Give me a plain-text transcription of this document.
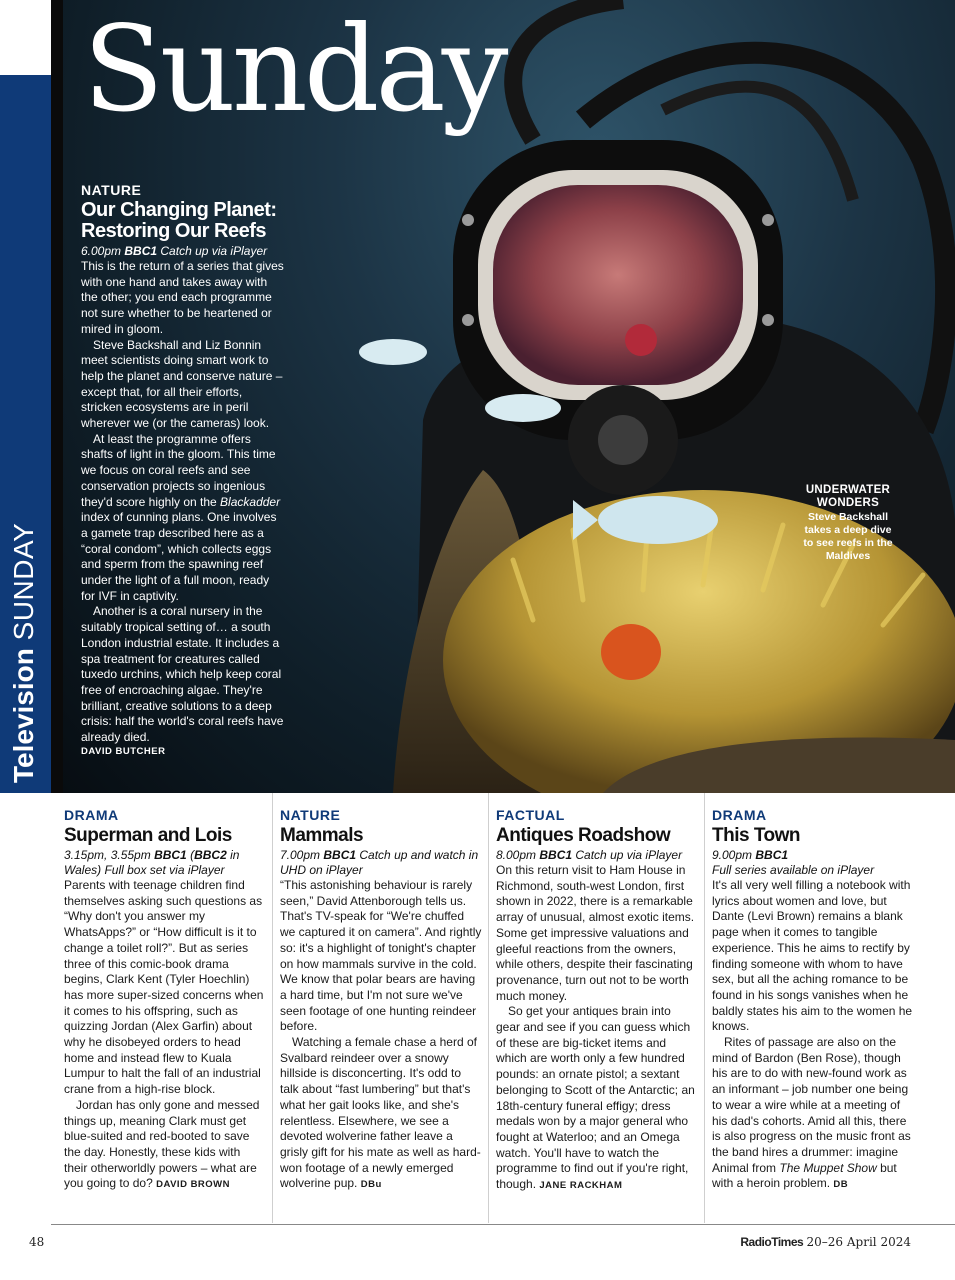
Television SUNDAY
Sunday
NATURE
Our Changing Planet:
Restoring Our Reefs
6.00pm BBC1 Catch up via iPlayer

This is the return of a series that gives with one hand and takes away with the other; you end each programme not sure whether to be heartened or mired in gloom.

Steve Backshall and Liz Bonnin meet scientists doing smart work to help the planet and conserve nature – except that, for all their efforts, stricken ecosystems are in peril wherever we (or the cameras) look.

At least the programme offers shafts of light in the gloom. This time we focus on coral reefs and see conservation projects so ingenious they'd score highly on the Blackadder index of cunning plans. One involves a gamete trap described here as a “coral condom”, which collects eggs and sperm from the spawning reef under the light of a full moon, ready for IVF in captivity.

Another is a coral nursery in the suitably tropical setting of… a south London industrial estate. It includes a spa treatment for creatures called tuxedo urchins, which help keep coral free of encroaching algae. They're brilliant, creative solutions to a deep crisis: half the world's coral reefs have already died.

DAVID BUTCHER
UNDERWATER WONDERS
Steve Backshall takes a deep dive to see reefs in the Maldives
DRAMA
Superman and Lois
3.15pm, 3.55pm BBC1 (BBC2 in Wales) Full box set via iPlayer

Parents with teenage children find themselves asking such questions as “Why don't you answer my WhatsApps?” or “How difficult is it to change a toilet roll?”. But as series three of this comic-book drama begins, Clark Kent (Tyler Hoechlin) has more super-sized concerns when it comes to his offspring, such as quizzing Jordan (Alex Garfin) about why he disobeyed orders to head home and instead flew to Kuala Lumpur to halt the fall of an industrial crane from a high-rise block.

Jordan has only gone and messed things up, meaning Clark must get blue-suited and red-booted to save the day. Honestly, these kids with their otherworldly powers – what are you going to do? DAVID BROWN

NATURE
Mammals
7.00pm BBC1 Catch up and watch in UHD on iPlayer

“This astonishing behaviour is rarely seen,” David Attenborough tells us. That's TV-speak for “We're chuffed we captured it on camera”. And rightly so: it's a highlight of tonight's chapter on how mammals survive in the cold. We know that polar bears are having a hard time, but I'm not sure we've seen footage of one hunting reindeer before.

Watching a female chase a herd of Svalbard reindeer over a snowy hillside is disconcerting. It's odd to talk about “fast lumbering” but that's what her gait looks like, and she's relentless. Elsewhere, we see a devoted wolverine father leave a grisly gift for his mate as well as hard-won footage of a newly emerged wolverine pup. DBu

FACTUAL
Antiques Roadshow
8.00pm BBC1 Catch up via iPlayer

On this return visit to Ham House in Richmond, south-west London, first shown in 2022, there is a remarkable array of unusual, almost exotic items. Some get impressive valuations and gleeful reactions from the owners, while others, despite their fascinating provenance, turn out not to be worth much money.

So get your antiques brain into gear and see if you can guess which of these are big-ticket items and which are worth only a few hundred pounds: an ornate pistol; a sextant belonging to Scott of the Antarctic; an 18th-century funeral effigy; dress medals won by a major general who fought at Waterloo; and an Omega watch. You'll have to watch the programme to find out if you're right, though. JANE RACKHAM

DRAMA
This Town
9.00pm BBC1
Full series available on iPlayer

It's all very well filling a notebook with lyrics about women and love, but Dante (Levi Brown) remains a blank page when it comes to tangible experience. This he aims to rectify by finding someone with whom to have sex, but all the aching romance to be found in his songs vanishes when he baldly states his aim to the women he knows.

Rites of passage are also on the mind of Bardon (Ben Rose), though his are to do with new-found work as an informant – job number one being to wear a wire while at a meeting of his dad's cohorts. Amid all this, there is also progress on the music front as the band hires a drummer: imagine Animal from The Muppet Show but with a heroin problem. DB

48	RadioTimes 20–26 April 2024
